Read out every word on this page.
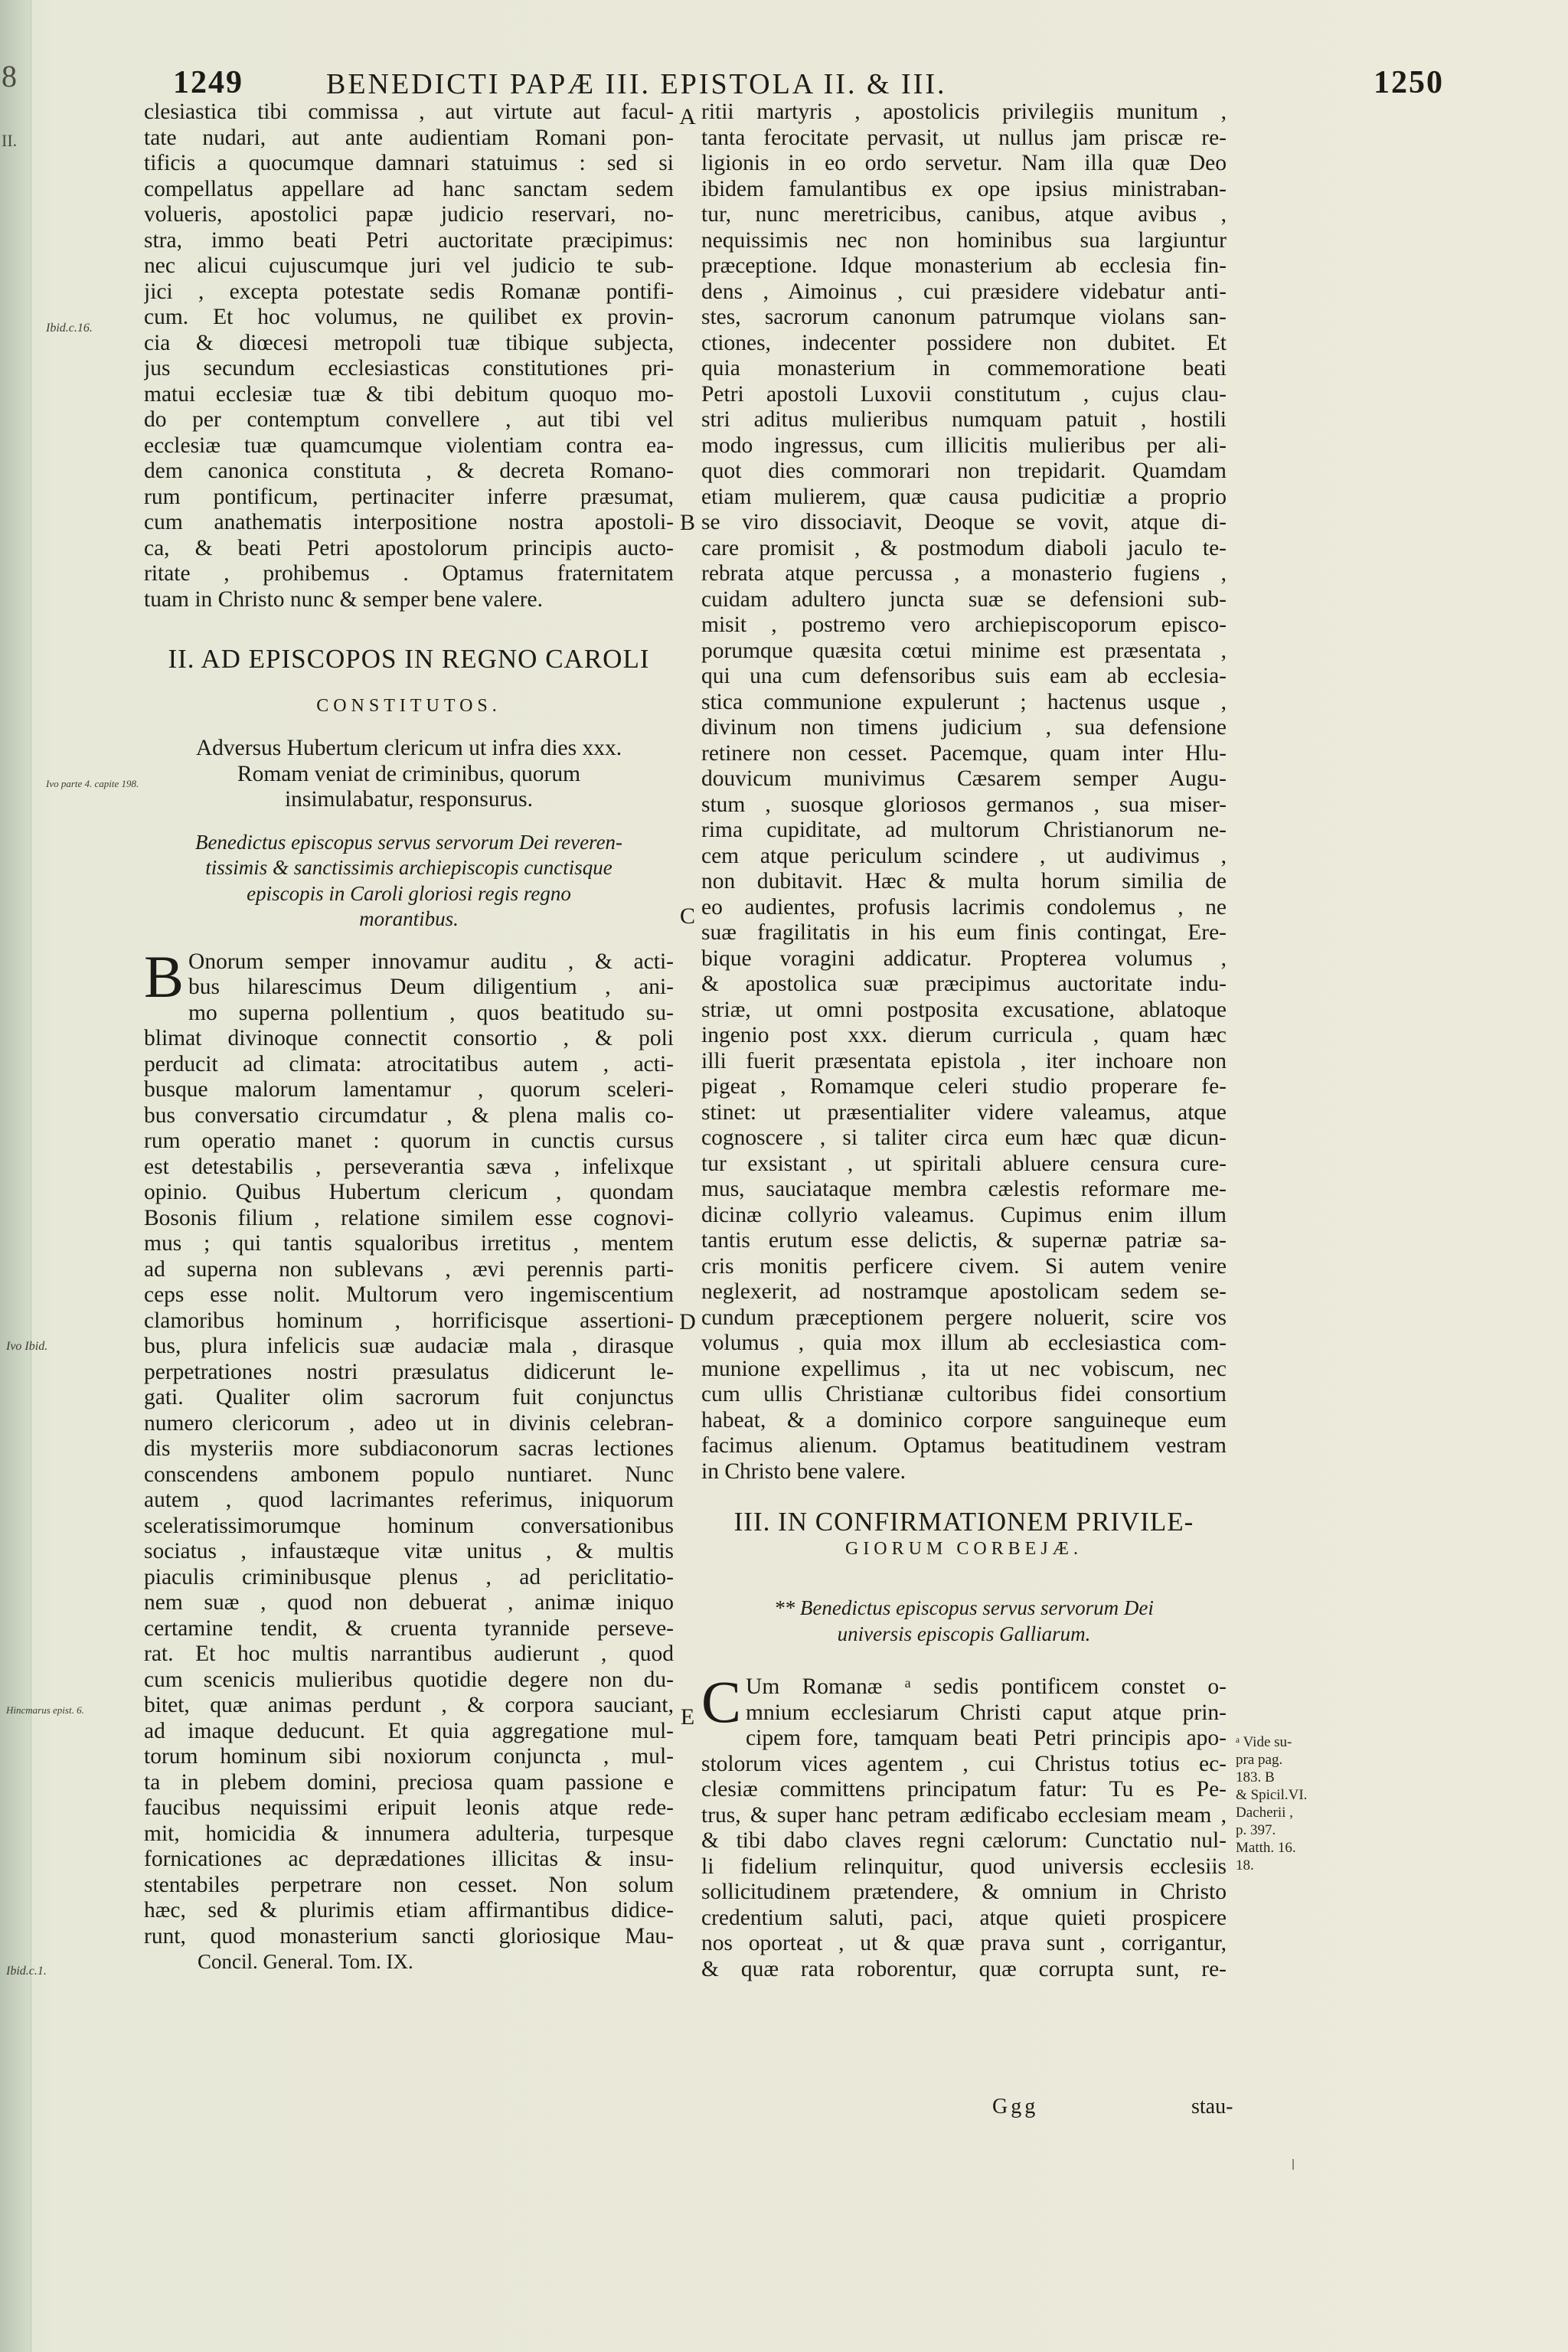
8
II.
Ibid.c.16.
Ivo parte 4. capite 198.
Ivo Ibid.
Hincmarus epist. 6.
Ibid.c.1.
1249	BENEDICTI PAPÆ III. EPISTOLA II. & III.	1250
clesiastica tibi commissa , aut virtute aut facul-
tate nudari, aut ante audientiam Romani pon-
tificis a quocumque damnari statuimus : sed si
compellatus appellare ad hanc sanctam sedem
volueris, apostolici papæ judicio reservari, no-
stra, immo beati Petri auctoritate præcipimus:
nec alicui cujuscumque juri vel judicio te sub-
jici , excepta potestate sedis Romanæ pontifi-
cum. Et hoc volumus, ne quilibet ex provin-
cia & diœcesi metropoli tuæ tibique subjecta,
jus secundum ecclesiasticas constitutiones pri-
matui ecclesiæ tuæ & tibi debitum quoquo mo-
do per contemptum convellere , aut tibi vel
ecclesiæ tuæ quamcumque violentiam contra ea-
dem canonica constituta , & decreta Romano-
rum pontificum, pertinaciter inferre præsumat,
cum anathematis interpositione nostra apostoli-
ca, & beati Petri apostolorum principis aucto-
ritate , prohibemus . Optamus fraternitatem
tuam in Christo nunc & semper bene valere.
II. AD EPISCOPOS IN REGNO CAROLI
CONSTITUTOS.
Adversus Hubertum clericum ut infra dies xxx.
Romam veniat de criminibus, quorum
insimulabatur, responsurus.
Benedictus episcopus servus servorum Dei reveren-
tissimis & sanctissimis archiepiscopis cunctisque
episcopis in Caroli gloriosi regis regno
morantibus.
B Onorum semper innovamur auditu , & acti-
bus hilarescimus Deum diligentium , ani-
mo superna pollentium , quos beatitudo su-
blimat divinoque connectit consortio , & poli
perducit ad climata: atrocitatibus autem , acti-
busque malorum lamentamur , quorum sceleri-
bus conversatio circumdatur , & plena malis co-
rum operatio manet : quorum in cunctis cursus
est detestabilis , perseverantia sæva , infelixque
opinio. Quibus Hubertum clericum , quondam
Bosonis filium , relatione similem esse cognovi-
mus ; qui tantis squaloribus irretitus , mentem
ad superna non sublevans , ævi perennis parti-
ceps esse nolit. Multorum vero ingemiscentium
clamoribus hominum , horrificisque assertioni-
bus, plura infelicis suæ audaciæ mala , dirasque
perpetrationes nostri præsulatus didicerunt le-
gati. Qualiter olim sacrorum fuit conjunctus
numero clericorum , adeo ut in divinis celebran-
dis mysteriis more subdiaconorum sacras lectiones
conscendens ambonem populo nuntiaret. Nunc
autem , quod lacrimantes referimus, iniquorum
sceleratissimorumque hominum conversationibus
sociatus , infaustæque vitæ unitus , & multis
piaculis criminibusque plenus , ad periclitatio-
nem suæ , quod non debuerat , animæ iniquo
certamine tendit, & cruenta tyrannide perseve-
rat. Et hoc multis narrantibus audierunt , quod
cum scenicis mulieribus quotidie degere non du-
bitet, quæ animas perdunt , & corpora sauciant,
ad imaque deducunt. Et quia aggregatione mul-
torum hominum sibi noxiorum conjuncta , mul-
ta in plebem domini, preciosa quam passione e
faucibus nequissimi eripuit leonis atque rede-
mit, homicidia & innumera adulteria, turpesque
fornicationes ac deprædationes illicitas & insu-
stentabiles perpetrare non cesset. Non solum
hæc, sed & plurimis etiam affirmantibus didice-
runt, quod monasterium sancti gloriosique Mau-
Concil. General. Tom. IX.
A
B
C
D
E
ritii martyris , apostolicis privilegiis munitum ,
tanta ferocitate pervasit, ut nullus jam priscæ re-
ligionis in eo ordo servetur. Nam illa quæ Deo
ibidem famulantibus ex ope ipsius ministraban-
tur, nunc meretricibus, canibus, atque avibus ,
nequissimis nec non hominibus sua largiuntur
præceptione. Idque monasterium ab ecclesia fin-
dens , Aimoinus , cui præsidere videbatur anti-
stes, sacrorum canonum patrumque violans san-
ctiones, indecenter possidere non dubitet. Et
quia monasterium in commemoratione beati
Petri apostoli Luxovii constitutum , cujus clau-
stri aditus mulieribus numquam patuit , hostili
modo ingressus, cum illicitis mulieribus per ali-
quot dies commorari non trepidarit. Quamdam
etiam mulierem, quæ causa pudicitiæ a proprio
se viro dissociavit, Deoque se vovit, atque di-
care promisit , & postmodum diaboli jaculo te-
rebrata atque percussa , a monasterio fugiens ,
cuidam adultero juncta suæ se defensioni sub-
misit , postremo vero archiepiscoporum episco-
porumque quæsita cœtui minime est præsentata ,
qui una cum defensoribus suis eam ab ecclesia-
stica communione expulerunt ; hactenus usque ,
divinum non timens judicium , sua defensione
retinere non cesset. Pacemque, quam inter Hlu-
douvicum munivimus Cæsarem semper Augu-
stum , suosque gloriosos germanos , sua miser-
rima cupiditate, ad multorum Christianorum ne-
cem atque periculum scindere , ut audivimus ,
non dubitavit. Hæc & multa horum similia de
eo audientes, profusis lacrimis condolemus , ne
suæ fragilitatis in his eum finis contingat, Ere-
bique voragini addicatur. Propterea volumus ,
& apostolica suæ præcipimus auctoritate indu-
striæ, ut omni postposita excusatione, ablatoque
ingenio post xxx. dierum curricula , quam hæc
illi fuerit præsentata epistola , iter inchoare non
pigeat , Romamque celeri studio properare fe-
stinet: ut præsentialiter videre valeamus, atque
cognoscere , si taliter circa eum hæc quæ dicun-
tur exsistant , ut spiritali abluere censura cure-
mus, sauciataque membra cælestis reformare me-
dicinæ collyrio valeamus. Cupimus enim illum
tantis erutum esse delictis, & supernæ patriæ sa-
cris monitis perficere civem. Si autem venire
neglexerit, ad nostramque apostolicam sedem se-
cundum præceptionem pergere noluerit, scire vos
volumus , quia mox illum ab ecclesiastica com-
munione expellimus , ita ut nec vobiscum, nec
cum ullis Christianæ cultoribus fidei consortium
habeat, & a dominico corpore sanguineque eum
facimus alienum. Optamus beatitudinem vestram
in Christo bene valere.
III. IN CONFIRMATIONEM PRIVILE-
GIORUM CORBEJÆ.
** Benedictus episcopus servus servorum Dei
universis episcopis Galliarum.
C Um Romanæ ᵃ sedis pontificem constet o-
mnium ecclesiarum Christi caput atque prin-
cipem fore, tamquam beati Petri principis apo-
stolorum vices agentem , cui Christus totius ec-
clesiæ committens principatum fatur: Tu es Pe-
trus, & super hanc petram ædificabo ecclesiam meam ,
& tibi dabo claves regni cælorum: Cunctatio nul-
li fidelium relinquitur, quod universis ecclesiis
sollicitudinem prætendere, & omnium in Christo
credentium saluti, paci, atque quieti prospicere
nos oporteat , ut & quæ prava sunt , corrigantur,
& quæ rata roborentur, quæ corrupta sunt, re-
ᵃ Vide su-
pra pag.
183. B
& Spicil.VI.
Dacherii ,
p. 397.
Matth. 16.
18.
Ggg	stau-
